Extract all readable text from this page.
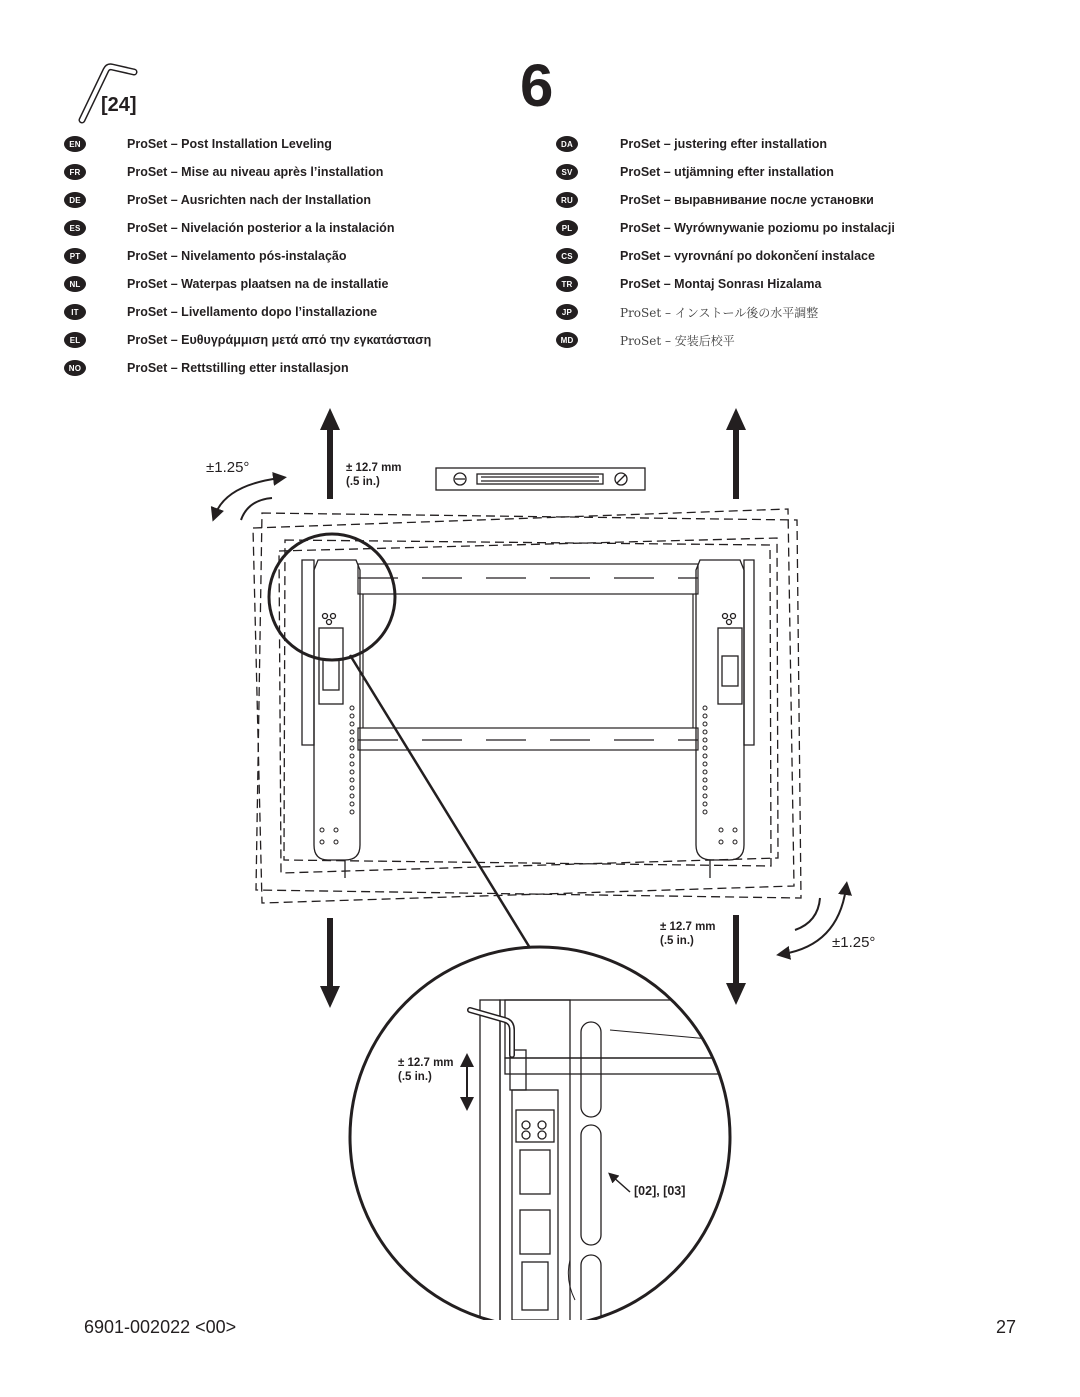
[24]	6
EN	ProSet – Post Installation Leveling
FR	ProSet – Mise au niveau après l’installation
DE	ProSet – Ausrichten nach der Installation
ES	ProSet – Nivelación posterior a la instalación
PT	ProSet – Nivelamento pós-instalação
NL	ProSet – Waterpas plaatsen na de installatie
IT	ProSet – Livellamento dopo l’installazione
EL	ProSet – Ευθυγράμμιση μετά από την εγκατάσταση
NO	ProSet – Rettstilling etter installasjon
DA	ProSet – justering efter installation
SV	ProSet – utjämning efter installation
RU	ProSet – выравнивание после установки
PL	ProSet – Wyrównywanie poziomu po instalacji
CS	ProSet – vyrovnání po dokončení instalace
TR	ProSet – Montaj Sonrası Hizalama
JP	ProSet – インストール後の水平調整
MD	ProSet – 安装后校平
±1.25°	± 12.7 mm
(.5 in.)
± 12.7 mm
(.5 in.)	±1.25°
± 12.7 mm
(.5 in.)
[02], [03]
6901-002022 <00>	27
